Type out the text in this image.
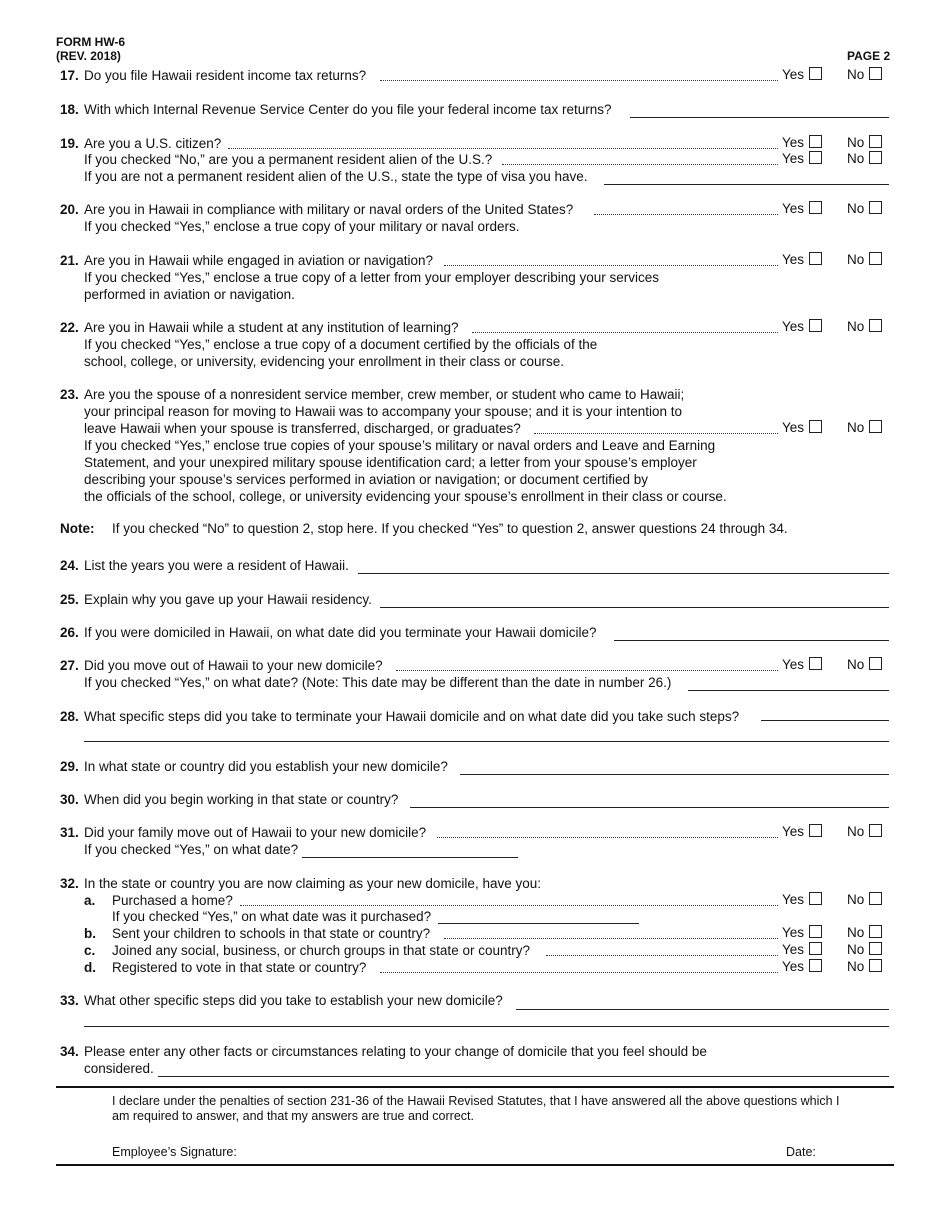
FORM HW-6
(REV. 2018)	PAGE 2
17. Do you file Hawaii resident income tax returns?	Yes	No
18. With which Internal Revenue Service Center do you file your federal income tax returns?
19. Are you a U.S. citizen?	Yes	No
If you checked “No,” are you a permanent resident alien of the U.S.?	Yes	No
If you are not a permanent resident alien of the U.S., state the type of visa you have.
20. Are you in Hawaii in compliance with military or naval orders of the United States?	Yes	No
If you checked “Yes,” enclose a true copy of your military or naval orders.
21. Are you in Hawaii while engaged in aviation or navigation?	Yes	No
If you checked “Yes,” enclose a true copy of a letter from your employer describing your services
performed in aviation or navigation.
22. Are you in Hawaii while a student at any institution of learning?	Yes	No
If you checked “Yes,” enclose a true copy of a document certified by the officials of the
school, college, or university, evidencing your enrollment in their class or course.
23. Are you the spouse of a nonresident service member, crew member, or student who came to Hawaii;
your principal reason for moving to Hawaii was to accompany your spouse; and it is your intention to
leave Hawaii when your spouse is transferred, discharged, or graduates?	Yes	No
If you checked “Yes,” enclose true copies of your spouse’s military or naval orders and Leave and Earning
Statement, and your unexpired military spouse identification card; a letter from your spouse’s employer
describing your spouse’s services performed in aviation or navigation; or document certified by
the officials of the school, college, or university evidencing your spouse’s enrollment in their class or course.
Note: If you checked “No” to question 2, stop here. If you checked “Yes” to question 2, answer questions 24 through 34.
24. List the years you were a resident of Hawaii.
25. Explain why you gave up your Hawaii residency.
26. If you were domiciled in Hawaii, on what date did you terminate your Hawaii domicile?
27. Did you move out of Hawaii to your new domicile?	Yes	No
If you checked “Yes,” on what date? (Note: This date may be different than the date in number 26.)
28. What specific steps did you take to terminate your Hawaii domicile and on what date did you take such steps?
29. In what state or country did you establish your new domicile?
30. When did you begin working in that state or country?
31. Did your family move out of Hawaii to your new domicile?	Yes	No
If you checked “Yes,” on what date?
32. In the state or country you are now claiming as your new domicile, have you:
a. Purchased a home?	Yes	No
If you checked “Yes,” on what date was it purchased?
b. Sent your children to schools in that state or country?	Yes	No
c. Joined any social, business, or church groups in that state or country?	Yes	No
d. Registered to vote in that state or country?	Yes	No
33. What other specific steps did you take to establish your new domicile?
34. Please enter any other facts or circumstances relating to your change of domicile that you feel should be
considered.
I declare under the penalties of section 231-36 of the Hawaii Revised Statutes, that I have answered all the above questions which I
am required to answer, and that my answers are true and correct.
Employee’s Signature:	Date:
